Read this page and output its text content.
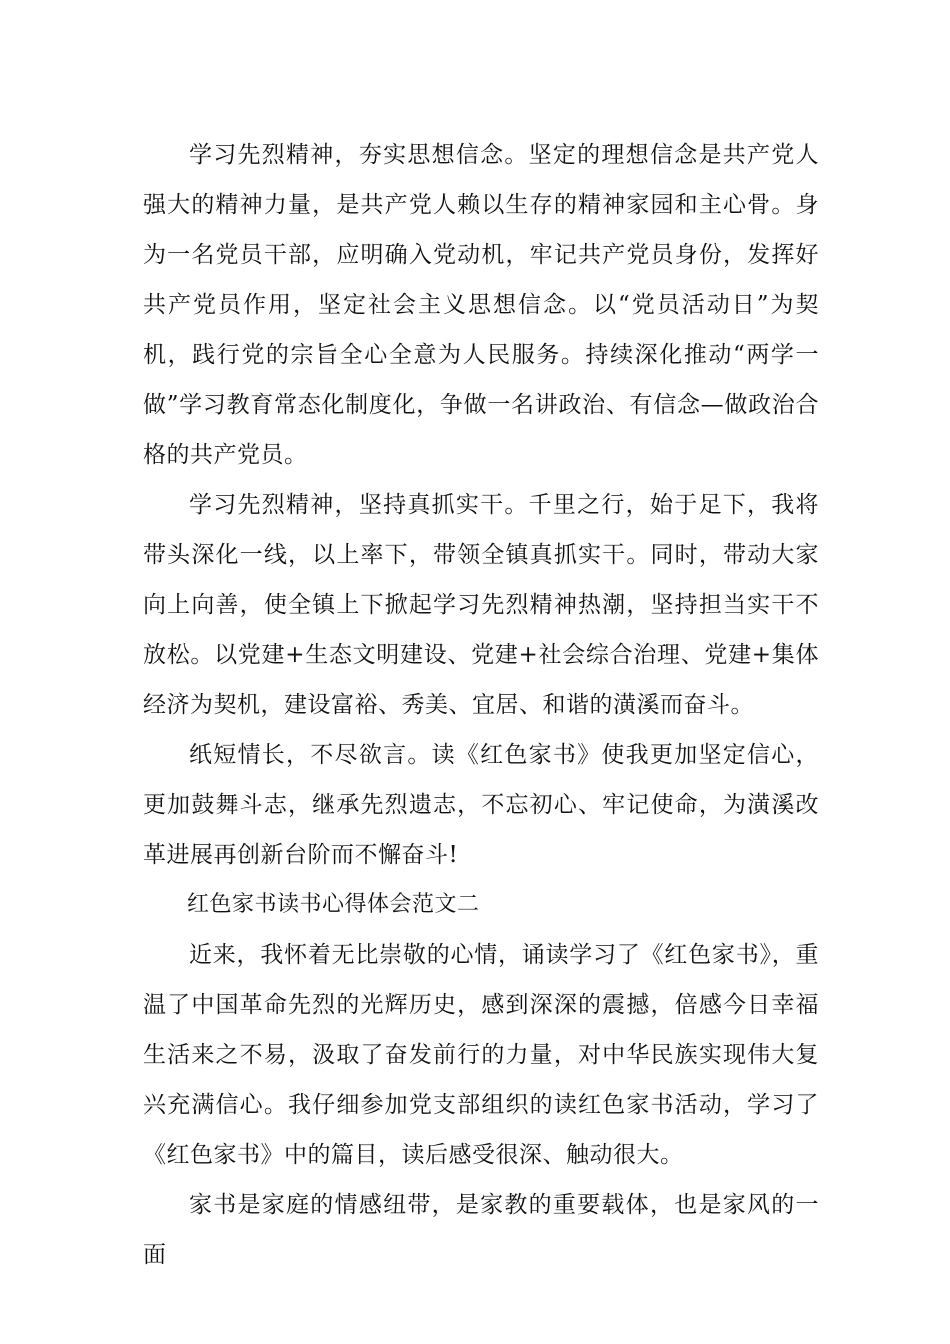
学习先烈精神，夯实思想信念。坚定的理想信念是共产党人强大的精神力量，是共产党人赖以生存的精神家园和主心骨。身为一名党员干部，应明确入党动机，牢记共产党员身份，发挥好共产党员作用，坚定社会主义思想信念。以“党员活动日”为契机，践行党的宗旨全心全意为人民服务。持续深化推动“两学一做”学习教育常态化制度化，争做一名讲政治、有信念—做政治合格的共产党员。

学习先烈精神，坚持真抓实干。千里之行，始于足下，我将带头深化一线，以上率下，带领全镇真抓实干。同时，带动大家向上向善，使全镇上下掀起学习先烈精神热潮，坚持担当实干不放松。以党建+生态文明建设、党建+社会综合治理、党建+集体经济为契机，建设富裕、秀美、宜居、和谐的潢溪而奋斗。

纸短情长，不尽欲言。读《红色家书》使我更加坚定信心，更加鼓舞斗志，继承先烈遗志，不忘初心、牢记使命，为潢溪改革进展再创新台阶而不懈奋斗!

红色家书读书心得体会范文二

近来，我怀着无比崇敬的心情，诵读学习了《红色家书》，重温了中国革命先烈的光辉历史，感到深深的震撼，倍感今日幸福生活来之不易，汲取了奋发前行的力量，对中华民族实现伟大复兴充满信心。我仔细参加党支部组织的读红色家书活动，学习了《红色家书》中的篇目，读后感受很深、触动很大。

家书是家庭的情感纽带，是家教的重要载体，也是家风的一面
